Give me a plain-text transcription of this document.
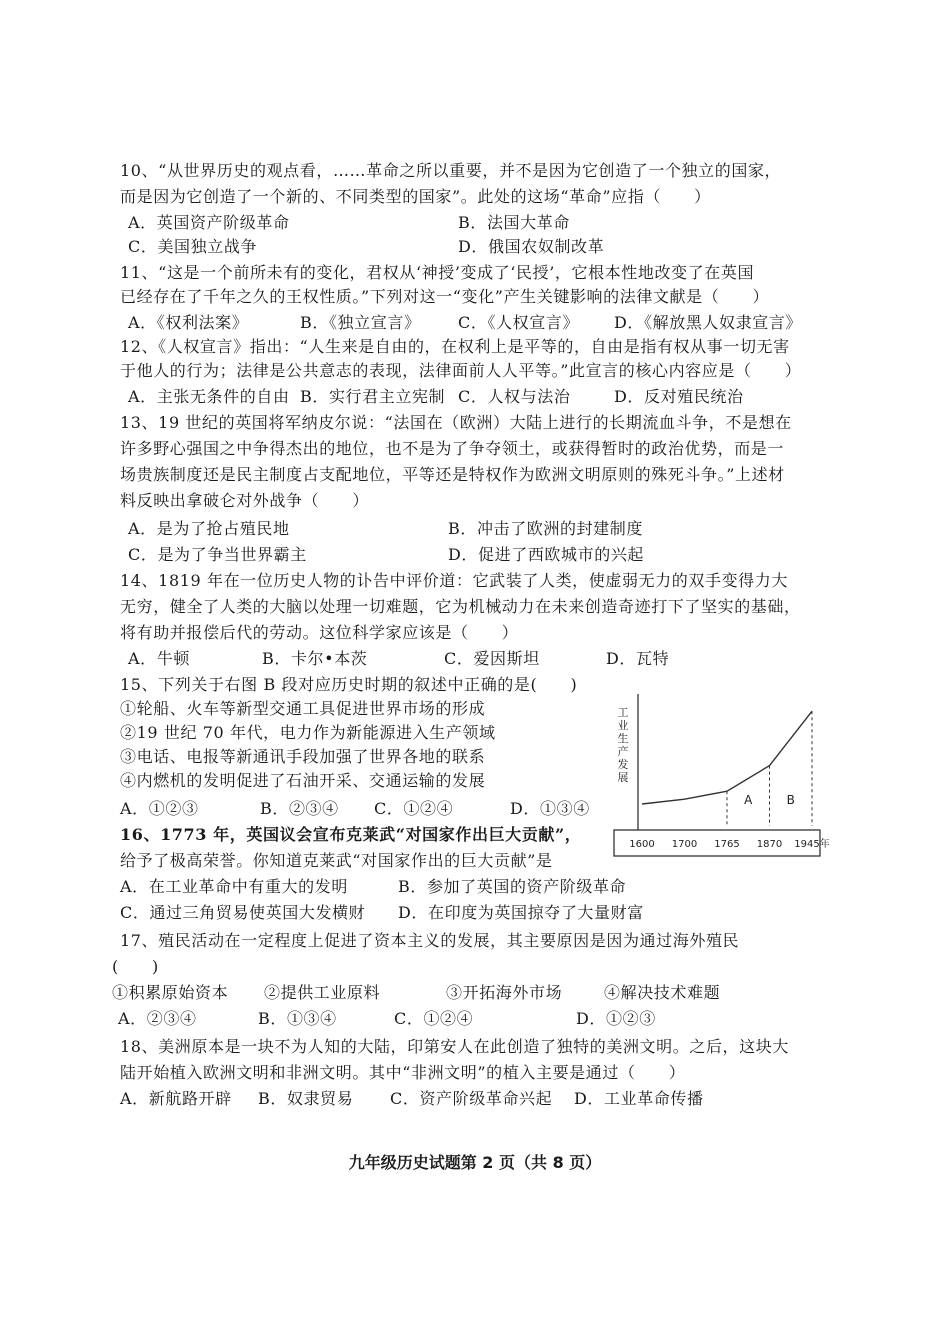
10、“从世界历史的观点看，……革命之所以重要，并不是因为它创造了一个独立的国家，
而是因为它创造了一个新的、不同类型的国家”。此处的这场“革命”应指（　　）
A．英国资产阶级革命	B．法国大革命
C．美国独立战争	D．俄国农奴制改革
11、“这是一个前所未有的变化，君权从‘神授’变成了‘民授’，它根本性地改变了在英国
已经存在了千年之久的王权性质。”下列对这一“变化”产生关键影响的法律文献是（　　）
A．《权利法案》	B．《独立宣言》 C．《人权宣言》 D．《解放黑人奴隶宣言》
12、《人权宣言》指出：“人生来是自由的，在权利上是平等的，自由是指有权从事一切无害
于他人的行为；法律是公共意志的表现，法律面前人人平等。”此宣言的核心内容应是（　　）
A．主张无条件的自由 B．实行君主立宪制 C．人权与法治	D．反对殖民统治
13、19 世纪的英国将军纳皮尔说：“法国在（欧洲）大陆上进行的长期流血斗争，不是想在
许多野心强国之中争得杰出的地位，也不是为了争夺领土，或获得暂时的政治优势，而是一
场贵族制度还是民主制度占支配地位，平等还是特权作为欧洲文明原则的殊死斗争。”上述材
料反映出拿破仑对外战争（　　）
A．是为了抢占殖民地	B．冲击了欧洲的封建制度
C．是为了争当世界霸主	D．促进了西欧城市的兴起
14、1819 年在一位历史人物的讣告中评价道：它武装了人类，使虚弱无力的双手变得力大
无穷，健全了人类的大脑以处理一切难题，它为机械动力在未来创造奇迹打下了坚实的基础，
将有助并报偿后代的劳动。这位科学家应该是（　　）
A．牛顿	B．卡尔•本茨	C．爱因斯坦	D．瓦特
15、下列关于右图 B 段对应历史时期的叙述中正确的是(　　)
①轮船、火车等新型交通工具促进世界市场的形成
②19 世纪 70 年代，电力作为新能源进入生产领域
③电话、电报等新通讯手段加强了世界各地的联系
④内燃机的发明促进了石油开采、交通运输的发展
A．①②③	B．②③④ C．①②④	D．①③④
工业生产发展
A	B
1600 1700 1765 1870 1945年
16、1773 年，英国议会宣布克莱武“对国家作出巨大贡献”，
给予了极高荣誉。你知道克莱武“对国家作出的巨大贡献”是
A．在工业革命中有重大的发明	B．参加了英国的资产阶级革命
C．通过三角贸易使英国大发横财 D．在印度为英国掠夺了大量财富
17、殖民活动在一定程度上促进了资本主义的发展，其主要原因是因为通过海外殖民
(　　)
①积累原始资本 ②提供工业原料	③开拓海外市场	④解决技术难题
A．②③④	B．①③④	C．①②④	D．①②③
18、美洲原本是一块不为人知的大陆，印第安人在此创造了独特的美洲文明。之后，这块大
陆开始植入欧洲文明和非洲文明。其中“非洲文明”的植入主要是通过（　　）
A．新航路开辟 B．奴隶贸易 C．资产阶级革命兴起 D．工业革命传播
九年级历史试题第 2 页（共 8 页）
